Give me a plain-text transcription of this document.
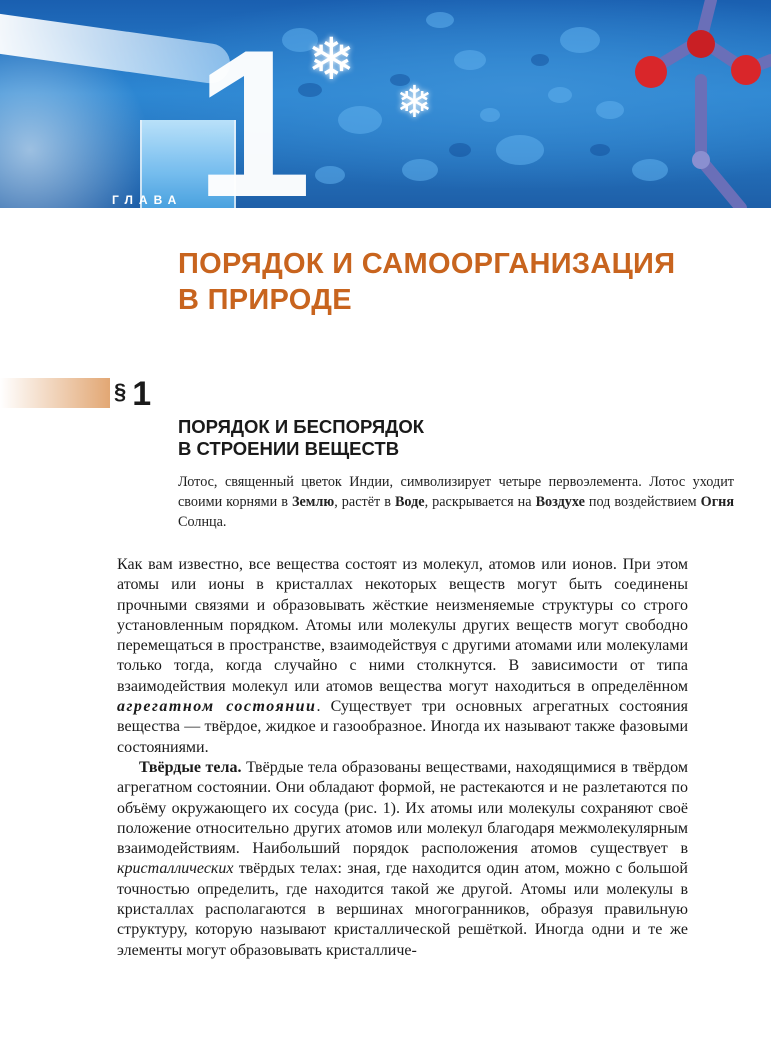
❄
❄
1
ГЛАВА
ПОРЯДОК И САМООРГАНИЗАЦИЯ
В ПРИРОДЕ
§ 1
ПОРЯДОК И БЕСПОРЯДОК
В СТРОЕНИИ ВЕЩЕСТВ

Лотос, священный цветок Индии, символизирует четыре первоэлемента. Лотос уходит своими корнями в Землю, растёт в Воде, раскрывается на Воздухе под воздействием Огня Солнца.

Как вам известно, все вещества состоят из молекул, атомов или ионов. При этом атомы или ионы в кристаллах некоторых веществ могут быть соединены прочными связями и образовывать жёсткие неизменяемые структуры со строго установленным порядком. Атомы или молекулы других веществ могут свободно перемещаться в пространстве, взаимодействуя с другими атомами или молекулами только тогда, когда случайно с ними столкнутся. В зависимости от типа взаимодействия молекул или атомов вещества могут находиться в определённом агрегатном состоянии. Существует три основных агрегатных состояния вещества — твёрдое, жидкое и газообразное. Иногда их называют также фазовыми состояниями.

Твёрдые тела. Твёрдые тела образованы веществами, находящимися в твёрдом агрегатном состоянии. Они обладают формой, не растекаются и не разлетаются по объёму окружающего их сосуда (рис. 1). Их атомы или молекулы сохраняют своё положение относительно других атомов или молекул благодаря межмолекулярным взаимодействиям. Наибольший порядок расположения атомов существует в кристаллических твёрдых телах: зная, где находится один атом, можно с большой точностью определить, где находится такой же другой. Атомы или молекулы в кристаллах располагаются в вершинах многогранников, образуя правильную структуру, которую называют кристаллической решёткой. Иногда одни и те же элементы могут образовывать кристалличе-
